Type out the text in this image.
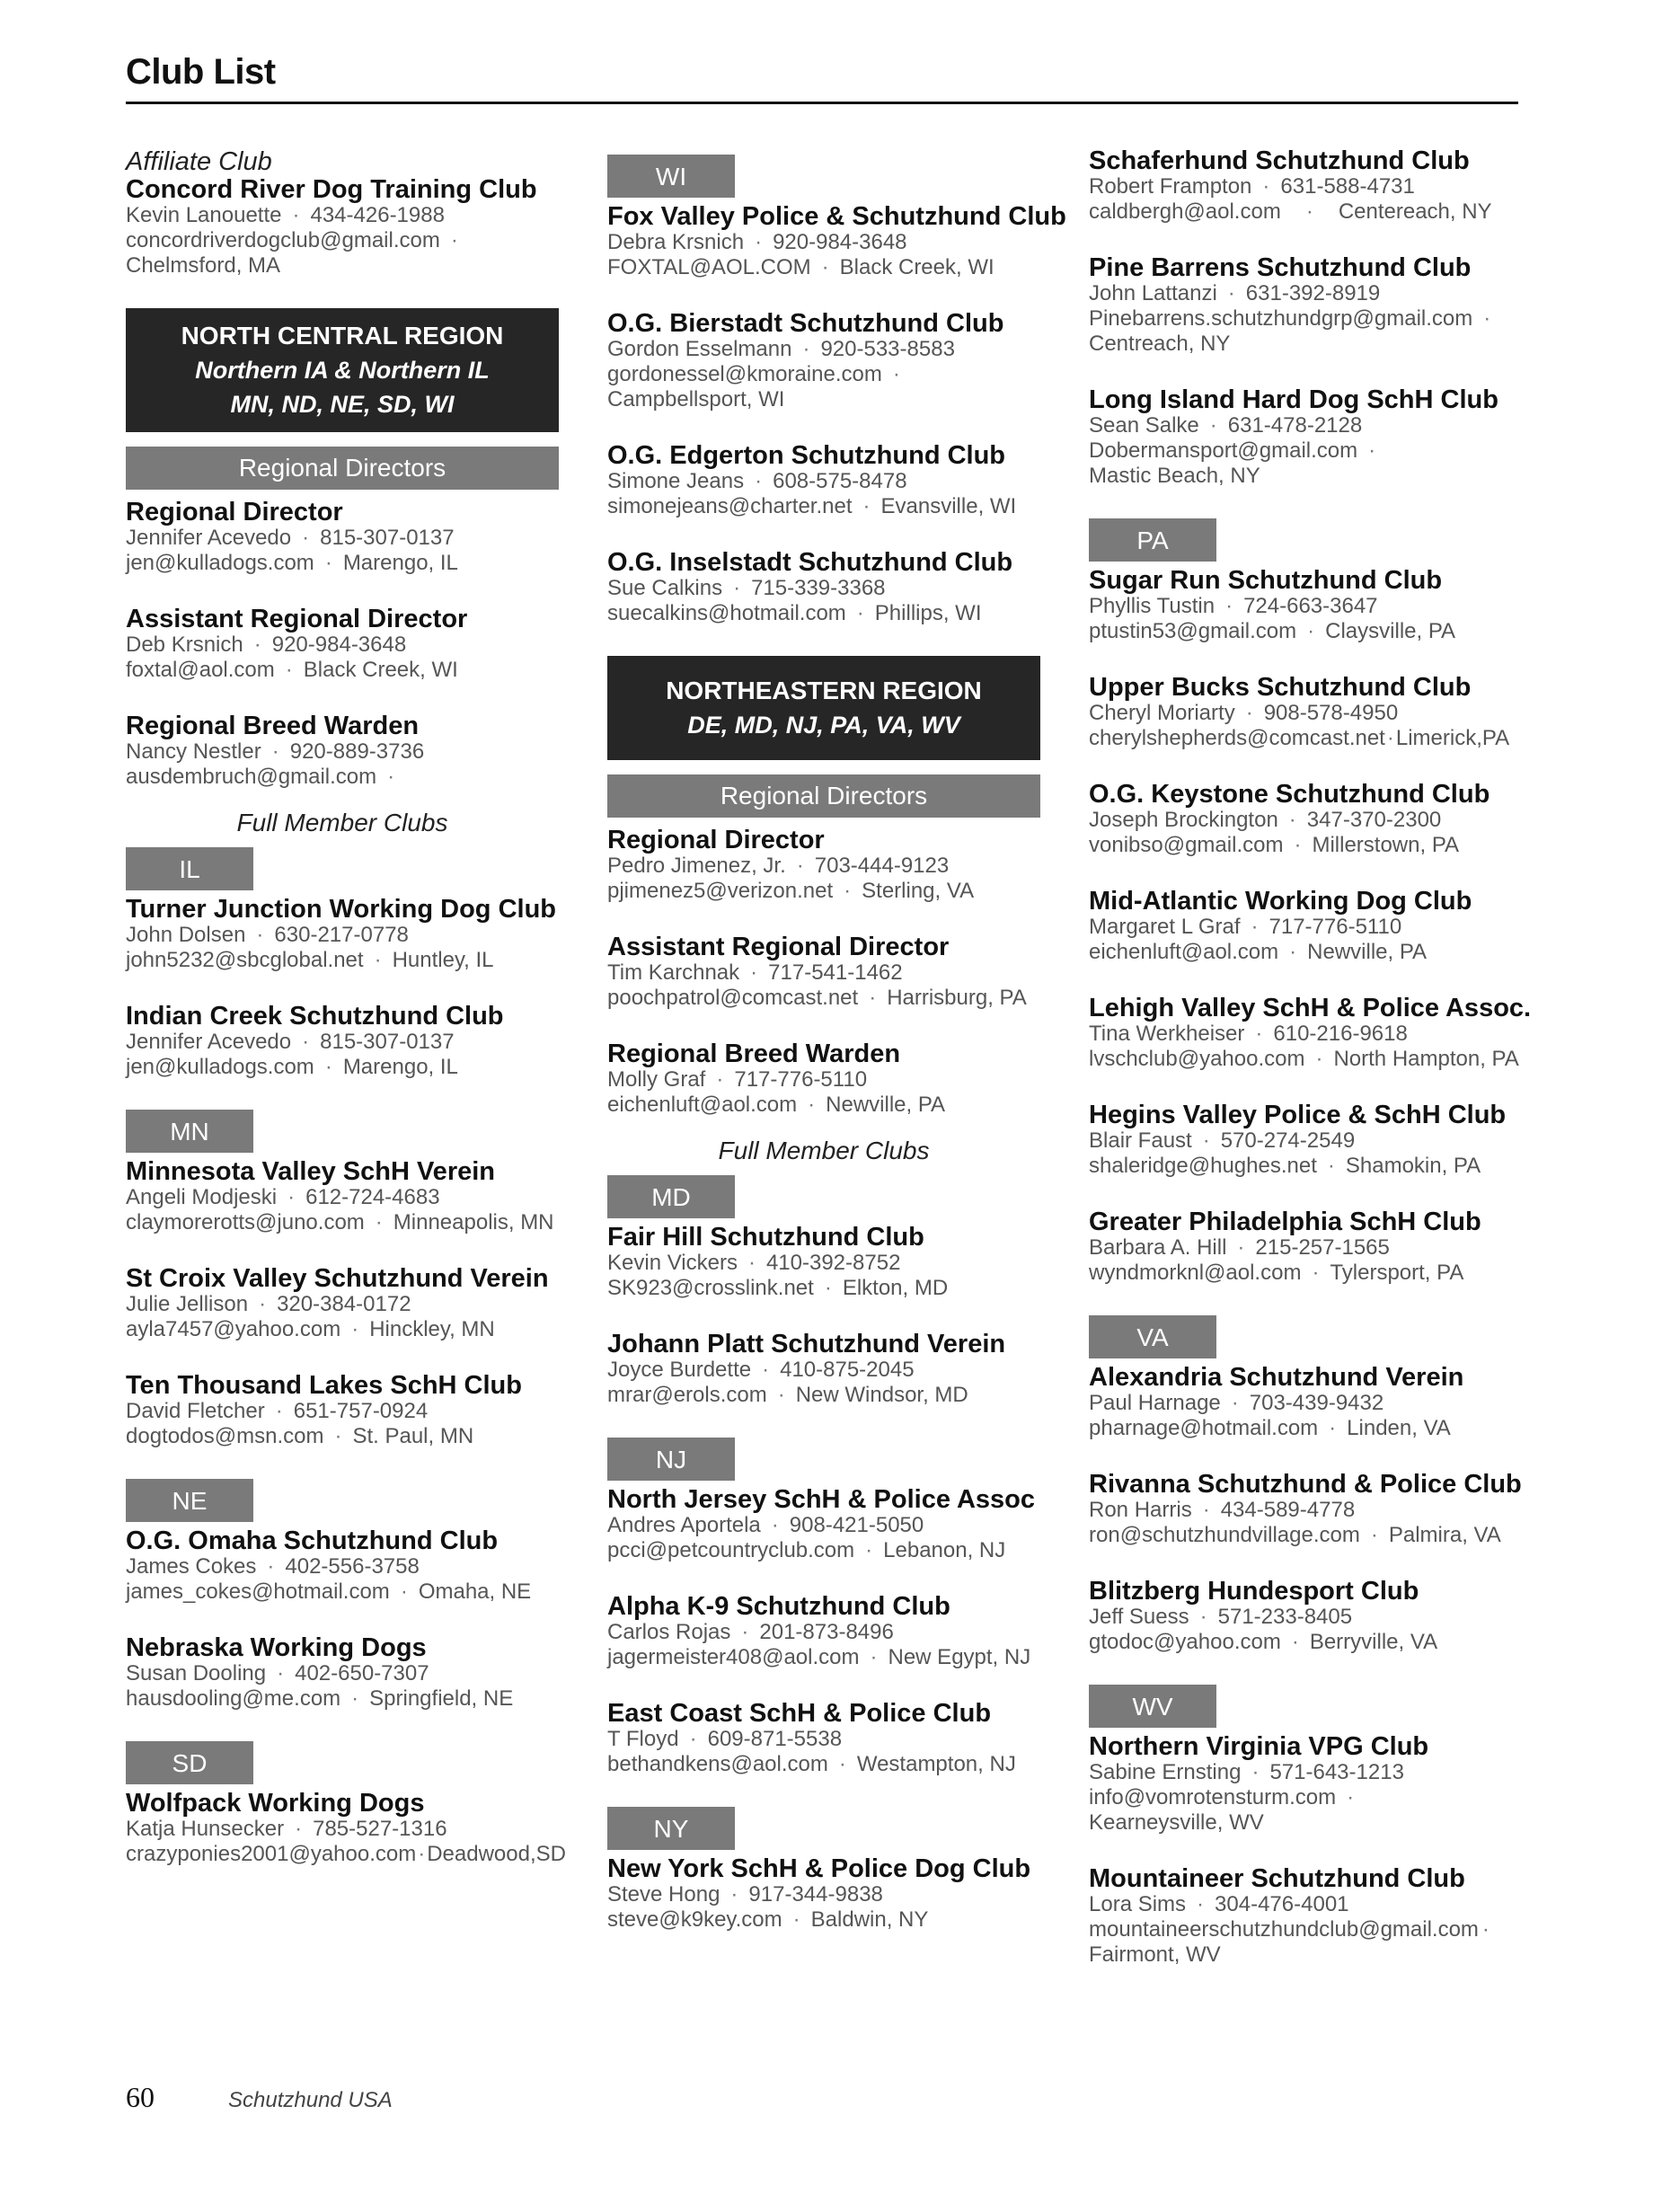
Club List
Affiliate Club
Concord River Dog Training Club
Kevin Lanouette · 434-426-1988
concordriverdogclub@gmail.com ·
Chelmsford, MA
NORTH CENTRAL REGION
Northern IA & Northern IL
MN, ND, NE, SD, WI
Regional Directors
Regional Director
Jennifer Acevedo · 815-307-0137
jen@kulladogs.com · Marengo, IL
Assistant Regional Director
Deb Krsnich · 920-984-3648
foxtal@aol.com · Black Creek, WI
Regional Breed Warden
Nancy Nestler · 920-889-3736
ausdembruch@gmail.com ·
Full Member Clubs
IL
Turner Junction Working Dog Club
John Dolsen · 630-217-0778
john5232@sbcglobal.net · Huntley, IL
Indian Creek Schutzhund Club
Jennifer Acevedo · 815-307-0137
jen@kulladogs.com · Marengo, IL
MN
Minnesota Valley SchH Verein
Angeli Modjeski · 612-724-4683
claymorerotts@juno.com · Minneapolis, MN
St Croix Valley Schutzhund Verein
Julie Jellison · 320-384-0172
ayla7457@yahoo.com · Hinckley, MN
Ten Thousand Lakes SchH Club
David Fletcher · 651-757-0924
dogtodos@msn.com · St. Paul, MN
NE
O.G. Omaha Schutzhund Club
James Cokes · 402-556-3758
james_cokes@hotmail.com · Omaha, NE
Nebraska Working Dogs
Susan Dooling · 402-650-7307
hausdooling@me.com · Springfield, NE
SD
Wolfpack Working Dogs
Katja Hunsecker · 785-527-1316
crazyponies2001@yahoo.com·Deadwood,SD
WI
Fox Valley Police & Schutzhund Club
Debra Krsnich · 920-984-3648
FOXTAL@AOL.COM · Black Creek, WI
O.G. Bierstadt Schutzhund Club
Gordon Esselmann · 920-533-8583
gordonessel@kmoraine.com ·
Campbellsport, WI
O.G. Edgerton Schutzhund Club
Simone Jeans · 608-575-8478
simonejeans@charter.net · Evansville, WI
O.G. Inselstadt Schutzhund Club
Sue Calkins · 715-339-3368
suecalkins@hotmail.com · Phillips, WI
NORTHEASTERN REGION
DE, MD, NJ, PA, VA, WV
Regional Directors
Regional Director
Pedro Jimenez, Jr. · 703-444-9123
pjimenez5@verizon.net · Sterling, VA
Assistant Regional Director
Tim Karchnak · 717-541-1462
poochpatrol@comcast.net · Harrisburg, PA
Regional Breed Warden
Molly Graf · 717-776-5110
eichenluft@aol.com · Newville, PA
Full Member Clubs
MD
Fair Hill Schutzhund Club
Kevin Vickers · 410-392-8752
SK923@crosslink.net · Elkton, MD
Johann Platt Schutzhund Verein
Joyce Burdette · 410-875-2045
mrar@erols.com · New Windsor, MD
NJ
North Jersey SchH & Police Assoc
Andres Aportela · 908-421-5050
pcci@petcountryclub.com · Lebanon, NJ
Alpha K-9 Schutzhund Club
Carlos Rojas · 201-873-8496
jagermeister408@aol.com · New Egypt, NJ
East Coast SchH & Police Club
T Floyd · 609-871-5538
bethandkens@aol.com · Westampton, NJ
NY
New York SchH & Police Dog Club
Steve Hong · 917-344-9838
steve@k9key.com · Baldwin, NY
Schaferhund Schutzhund Club
Robert Frampton · 631-588-4731
caldbergh@aol.com · Centereach, NY
Pine Barrens Schutzhund Club
John Lattanzi · 631-392-8919
Pinebarrens.schutzhundgrp@gmail.com ·
Centreach, NY
Long Island Hard Dog SchH Club
Sean Salke · 631-478-2128
Dobermansport@gmail.com ·
Mastic Beach, NY
PA
Sugar Run Schutzhund Club
Phyllis Tustin · 724-663-3647
ptustin53@gmail.com · Claysville, PA
Upper Bucks Schutzhund Club
Cheryl Moriarty · 908-578-4950
cherylshepherds@comcast.net·Limerick,PA
O.G. Keystone Schutzhund Club
Joseph Brockington · 347-370-2300
vonibso@gmail.com · Millerstown, PA
Mid-Atlantic Working Dog Club
Margaret L Graf · 717-776-5110
eichenluft@aol.com · Newville, PA
Lehigh Valley SchH & Police Assoc.
Tina Werkheiser · 610-216-9618
lvschclub@yahoo.com · North Hampton, PA
Hegins Valley Police & SchH Club
Blair Faust · 570-274-2549
shaleridge@hughes.net · Shamokin, PA
Greater Philadelphia SchH Club
Barbara A. Hill · 215-257-1565
wyndmorknl@aol.com · Tylersport, PA
VA
Alexandria Schutzhund Verein
Paul Harnage · 703-439-9432
pharnage@hotmail.com · Linden, VA
Rivanna Schutzhund & Police Club
Ron Harris · 434-589-4778
ron@schutzhundvillage.com · Palmira, VA
Blitzberg Hundesport Club
Jeff Suess · 571-233-8405
gtodoc@yahoo.com · Berryville, VA
WV
Northern Virginia VPG Club
Sabine Ernsting · 571-643-1213
info@vomrotensturm.com ·
Kearneysville, WV
Mountaineer Schutzhund Club
Lora Sims · 304-476-4001
mountaineerschutzhundclub@gmail.com ·
Fairmont, WV
60	Schutzhund USA
